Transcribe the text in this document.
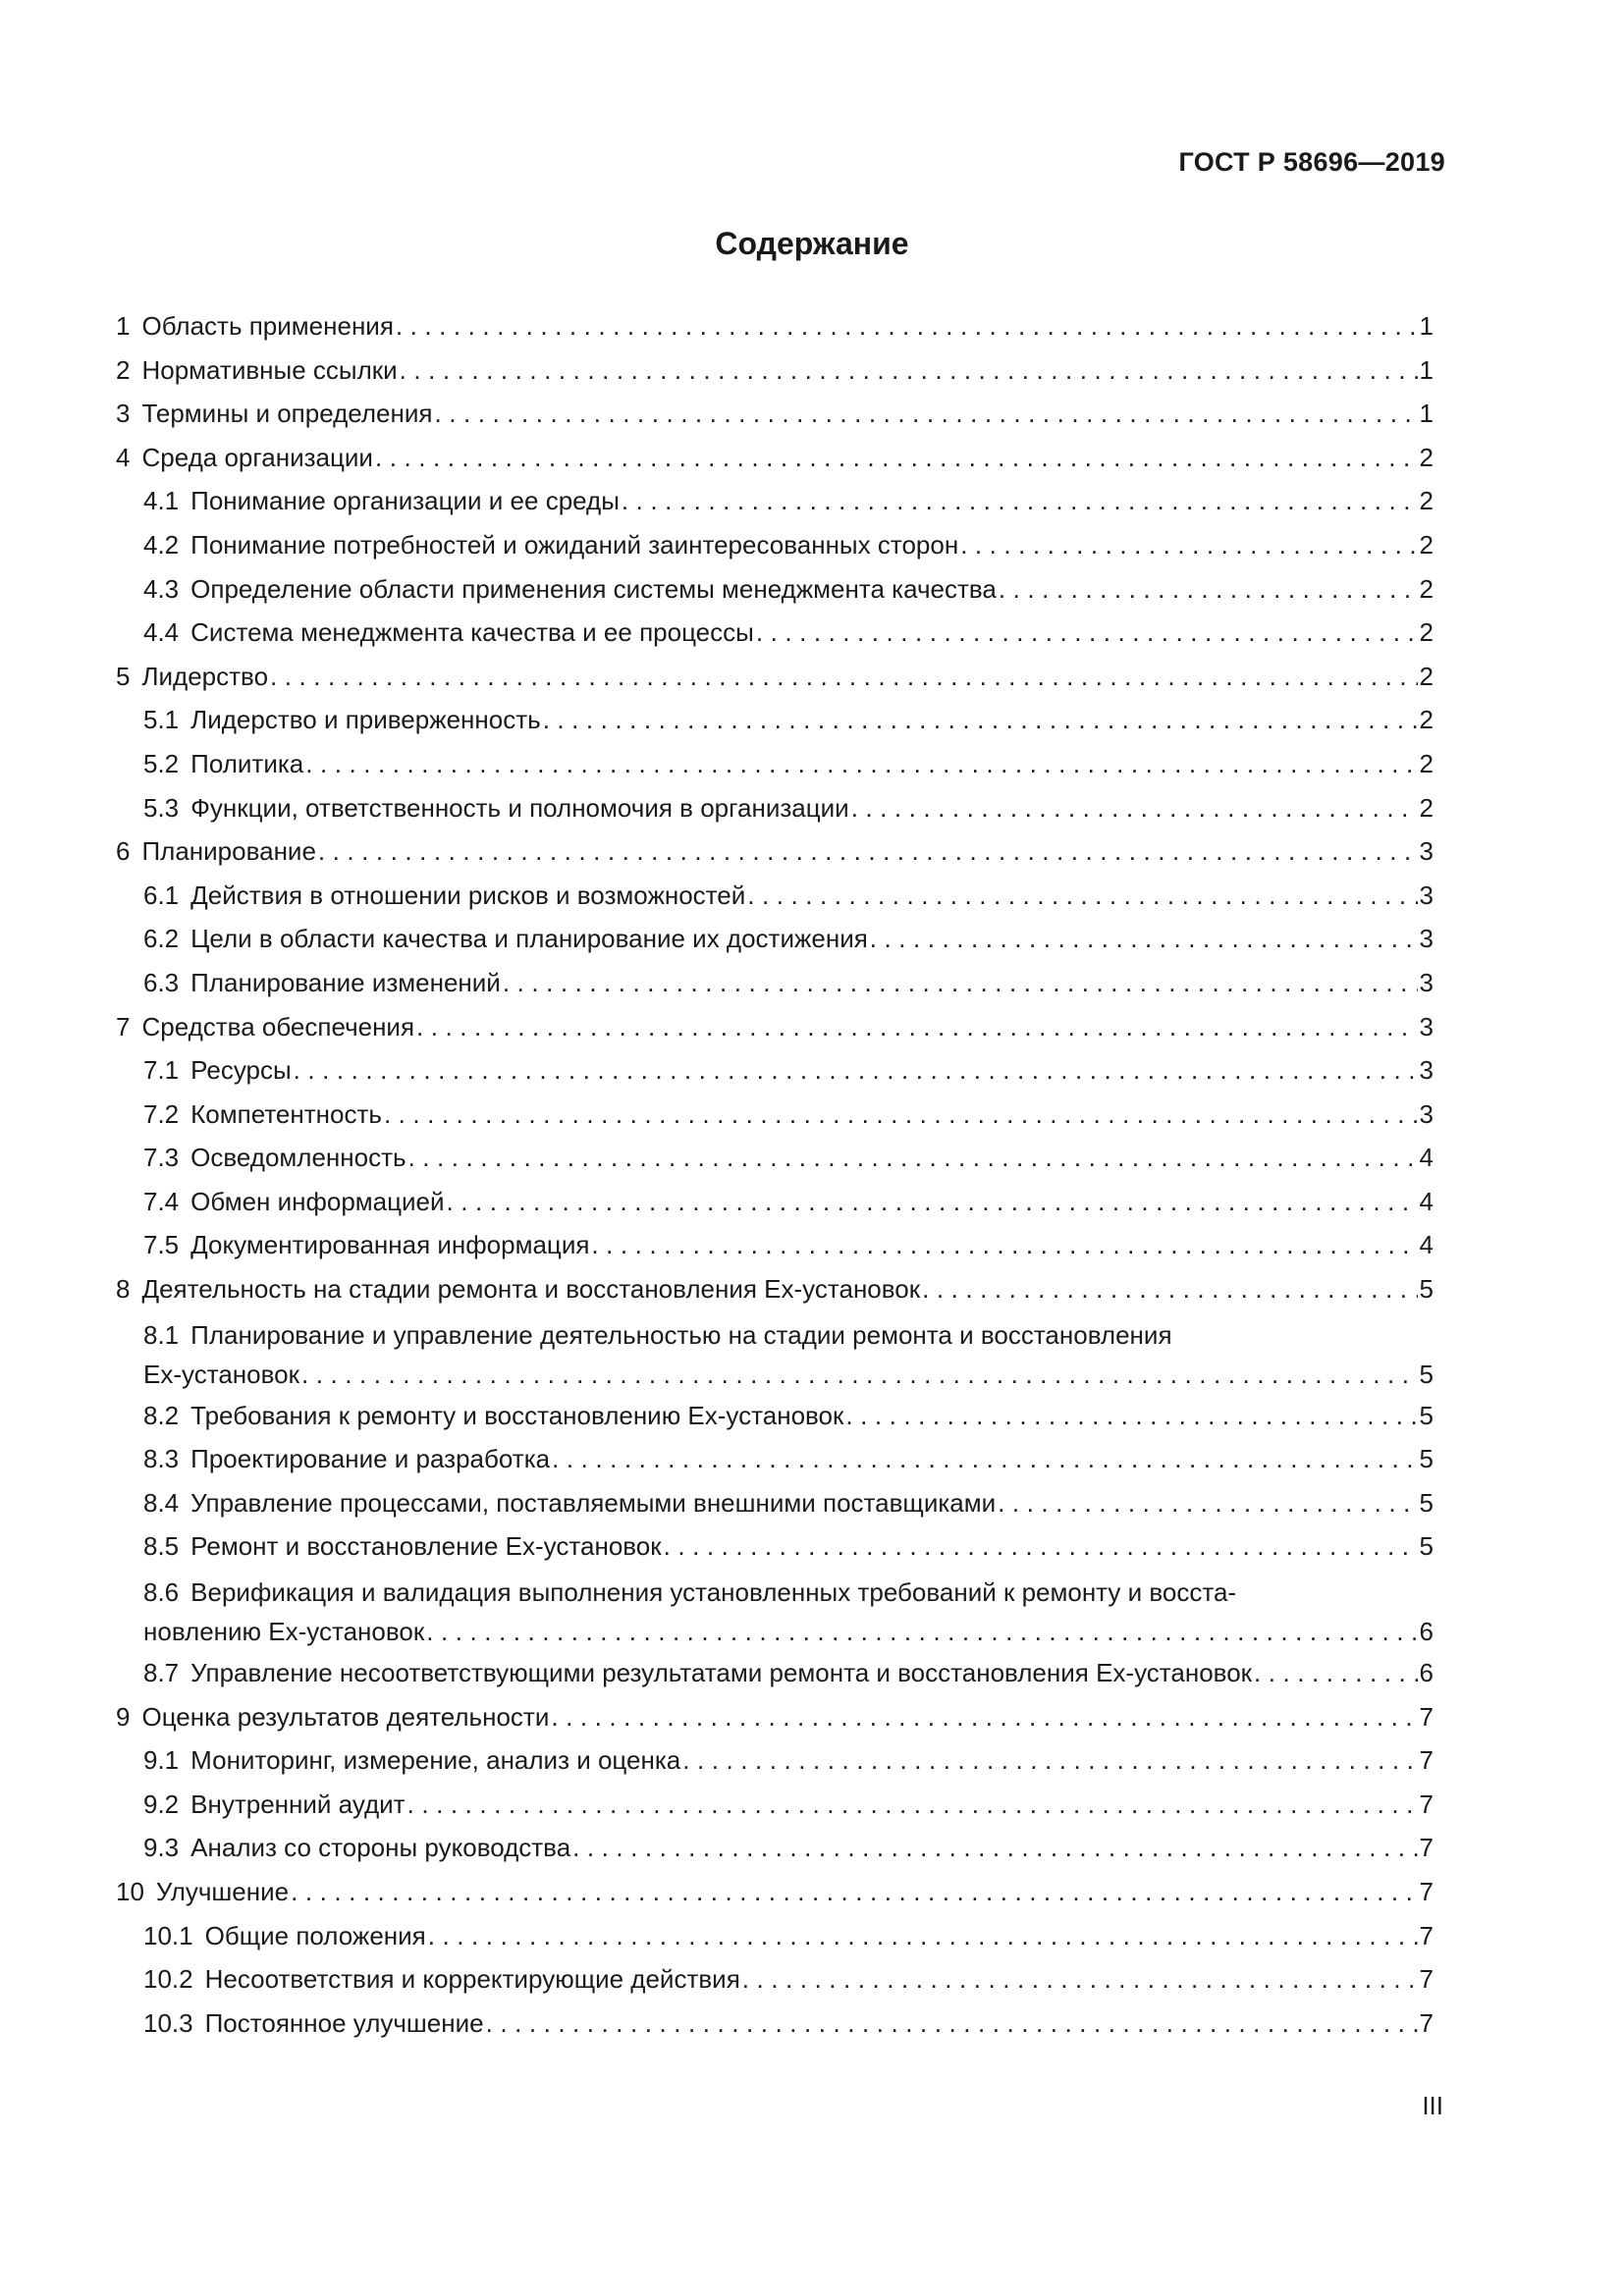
ГОСТ Р 58696—2019
Содержание
1 Область применения . . .	1
2 Нормативные ссылки . . .	1
3 Термины и определения . . .	1
4 Среда организации . . .	2
4.1 Понимание организации и ее среды . . .	2
4.2 Понимание потребностей и ожиданий заинтересованных сторон . . .	2
4.3 Определение области применения системы менеджмента качества . . .	2
4.4 Система менеджмента качества и ее процессы . . .	2
5 Лидерство . . .	2
5.1 Лидерство и приверженность . . .	2
5.2 Политика . . .	2
5.3 Функции, ответственность и полномочия в организации . . .	2
6 Планирование . . .	3
6.1 Действия в отношении рисков и возможностей . . .	3
6.2 Цели в области качества и планирование их достижения . . .	3
6.3 Планирование изменений . . .	3
7 Средства обеспечения . . .	3
7.1 Ресурсы . . .	3
7.2 Компетентность . . .	3
7.3 Осведомленность . . .	4
7.4 Обмен информацией . . .	4
7.5 Документированная информация . . .	4
8 Деятельность на стадии ремонта и восстановления Ex-установок . . .	5
8.1 Планирование и управление деятельностью на стадии ремонта и восстановления
Ex-установок . . .	5
8.2 Требования к ремонту и восстановлению Ex-установок . . .	5
8.3 Проектирование и разработка . . .	5
8.4 Управление процессами, поставляемыми внешними поставщиками . . .	5
8.5 Ремонт и восстановление Ex-установок . . .	5
8.6 Верификация и валидация выполнения установленных требований к ремонту и восста-
новлению Ex-установок . . .	6
8.7 Управление несоответствующими результатами ремонта и восстановления Ex-установок . . .	6
9 Оценка результатов деятельности . . .	7
9.1 Мониторинг, измерение, анализ и оценка . . .	7
9.2 Внутренний аудит . . .	7
9.3 Анализ со стороны руководства . . .	7
10 Улучшение . . .	7
10.1 Общие положения . . .	7
10.2 Несоответствия и корректирующие действия . . .	7
10.3 Постоянное улучшение . . .	7
III
